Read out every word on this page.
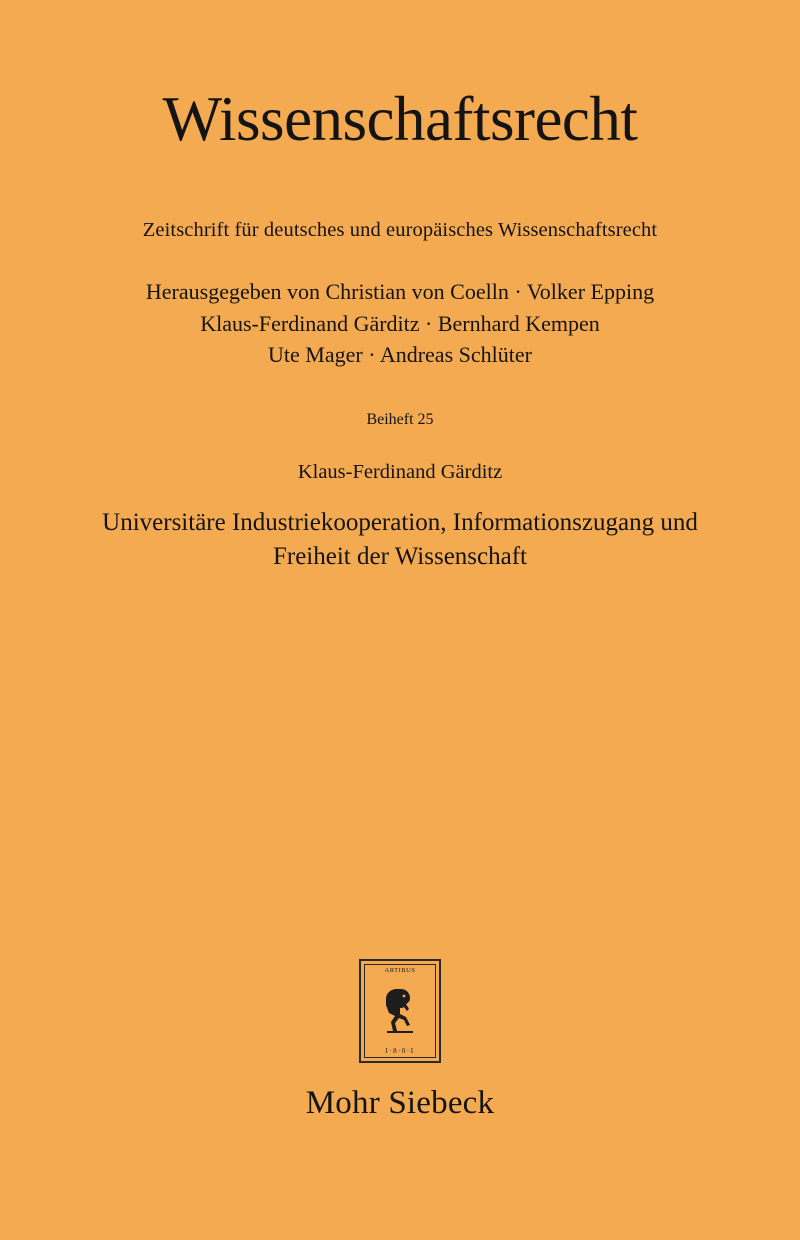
Wissenschaftsrecht
Zeitschrift für deutsches und europäisches Wissenschaftsrecht
Herausgegeben von Christian von Coelln · Volker Epping
Klaus-Ferdinand Gärditz · Bernhard Kempen
Ute Mager · Andreas Schlüter
Beiheft 25
Klaus-Ferdinand Gärditz
Universitäre Industriekooperation, Informationszugang und Freiheit der Wissenschaft
ARTIBUS
I·8·0·I
Mohr Siebeck
